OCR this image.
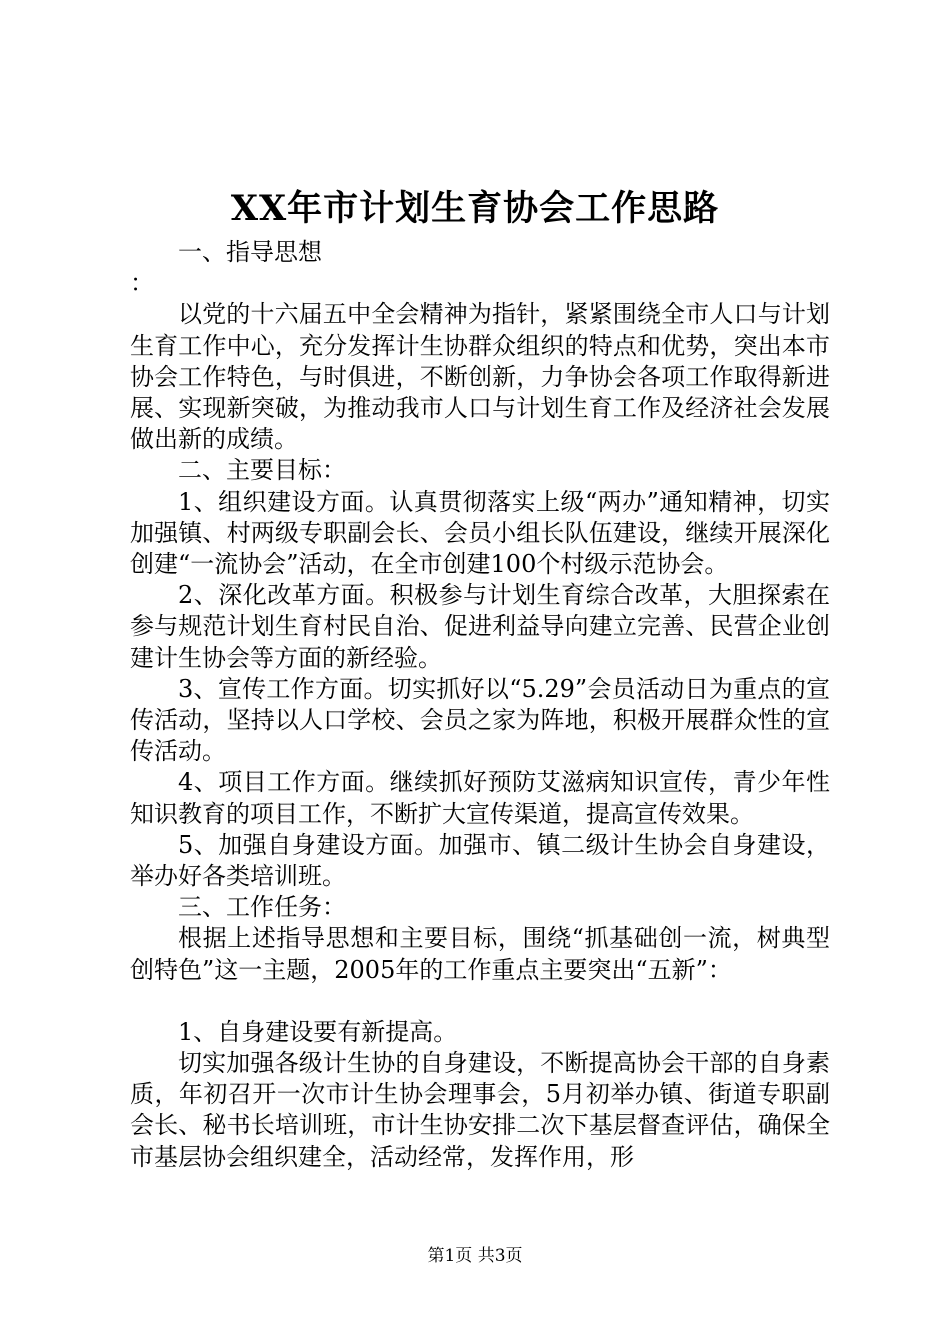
XX年市计划生育协会工作思路

一、指导思想

：

以党的十六届五中全会精神为指针，紧紧围绕全市人口与计划生育工作中心，充分发挥计生协群众组织的特点和优势，突出本市协会工作特色，与时俱进，不断创新，力争协会各项工作取得新进展、实现新突破，为推动我市人口与计划生育工作及经济社会发展做出新的成绩。

二、主要目标：

1、组织建设方面。认真贯彻落实上级“两办”通知精神，切实加强镇、村两级专职副会长、会员小组长队伍建设，继续开展深化创建“一流协会”活动，在全市创建100个村级示范协会。

2、深化改革方面。积极参与计划生育综合改革，大胆探索在参与规范计划生育村民自治、促进利益导向建立完善、民营企业创建计生协会等方面的新经验。

3、宣传工作方面。切实抓好以“5.29”会员活动日为重点的宣传活动，坚持以人口学校、会员之家为阵地，积极开展群众性的宣传活动。

4、项目工作方面。继续抓好预防艾滋病知识宣传，青少年性知识教育的项目工作，不断扩大宣传渠道，提高宣传效果。

5、加强自身建设方面。加强市、镇二级计生协会自身建设，举办好各类培训班。

三、工作任务：

根据上述指导思想和主要目标，围绕“抓基础创一流，树典型创特色”这一主题，2005年的工作重点主要突出“五新”：

1、自身建设要有新提高。

切实加强各级计生协的自身建设，不断提高协会干部的自身素质，年初召开一次市计生协会理事会，5月初举办镇、街道专职副会长、秘书长培训班，市计生协安排二次下基层督查评估，确保全市基层协会组织建全，活动经常，发挥作用，形

第1页 共3页
